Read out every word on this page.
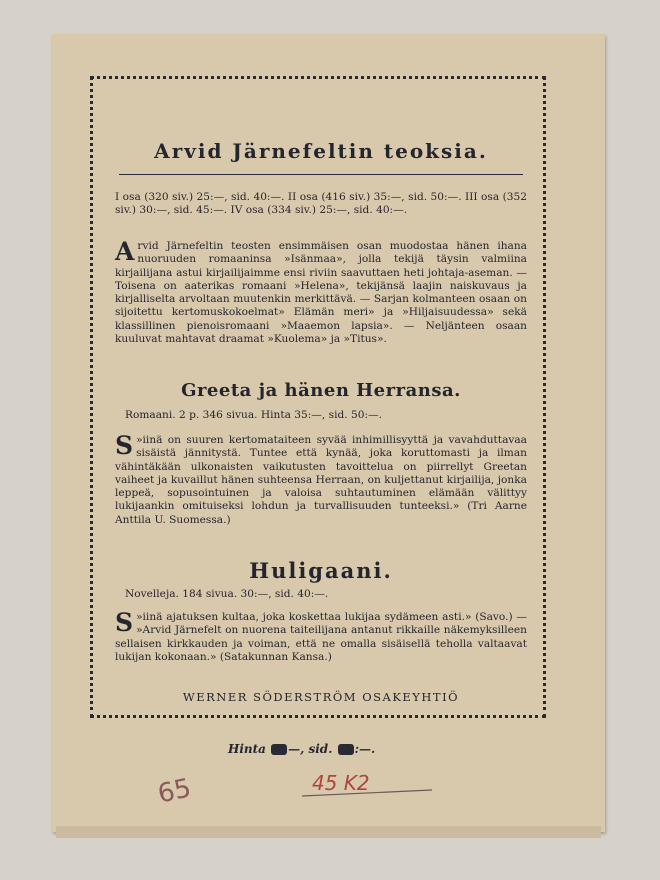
Arvid Järnefeltin teoksia.

I osa (320 siv.) 25:—, sid. 40:—. II osa (416 siv.) 35:—, sid. 50:—. III osa (352 siv.) 30:—, sid. 45:—. IV osa (334 siv.) 25:—, sid. 40:—.

Arvid Järnefeltin teosten ensimmäisen osan muodostaa hänen ihana nuoruuden romaaninsa »Isänmaa», jolla tekijä täysin valmiina kirjailijana astui kirjailijaimme ensi riviin saavuttaen heti johtaja-aseman. — Toisena on aaterikas romaani »Helena», tekijänsä laajin naiskuvaus ja kirjalliselta arvoltaan muutenkin merkittävä. — Sarjan kolmanteen osaan on sijoitettu kertomuskokoelmat» Elämän meri» ja »Hiljaisuudessa» sekä klassillinen pienoisromaani »Maaemon lapsia». — Neljänteen osaan kuuluvat mahtavat draamat »Kuolema» ja »Titus».

Greeta ja hänen Herransa.

Romaani. 2 p. 346 sivua. Hinta 35:—, sid. 50:—.

S »iinä on suuren kertomataiteen syvää inhimillisyyttä ja vavahduttavaa sisäistä jännitystä. Tuntee että kynää, joka koruttomasti ja ilman vähintäkään ulkonaisten vaikutusten tavoittelua on piirrellyt Greetan vaiheet ja kuvaillut hänen suhteensa Herraan, on kuljettanut kirjailija, jonka leppeä, sopusointuinen ja valoisa suhtautuminen elämään välittyy lukijaankin omituiseksi lohdun ja turvallisuuden tunteeksi.» (Tri Aarne Anttila U. Suomessa.)

Huligaani.

Novelleja. 184 sivua. 30:—, sid. 40:—.

S »iinä ajatuksen kultaa, joka koskettaa lukijaa sydämeen asti.» (Savo.) — »Arvid Järnefelt on nuorena taiteilijana antanut rikkaille näkemyksilleen sellaisen kirkkauden ja voiman, että ne omalla sisäisellä teholla valtaavat lukijan kokonaan.» (Satakunnan Kansa.)

WERNER SÖDERSTRÖM OSAKEYHTIÖ

Hinta —, sid. :—.

65	45 K2
